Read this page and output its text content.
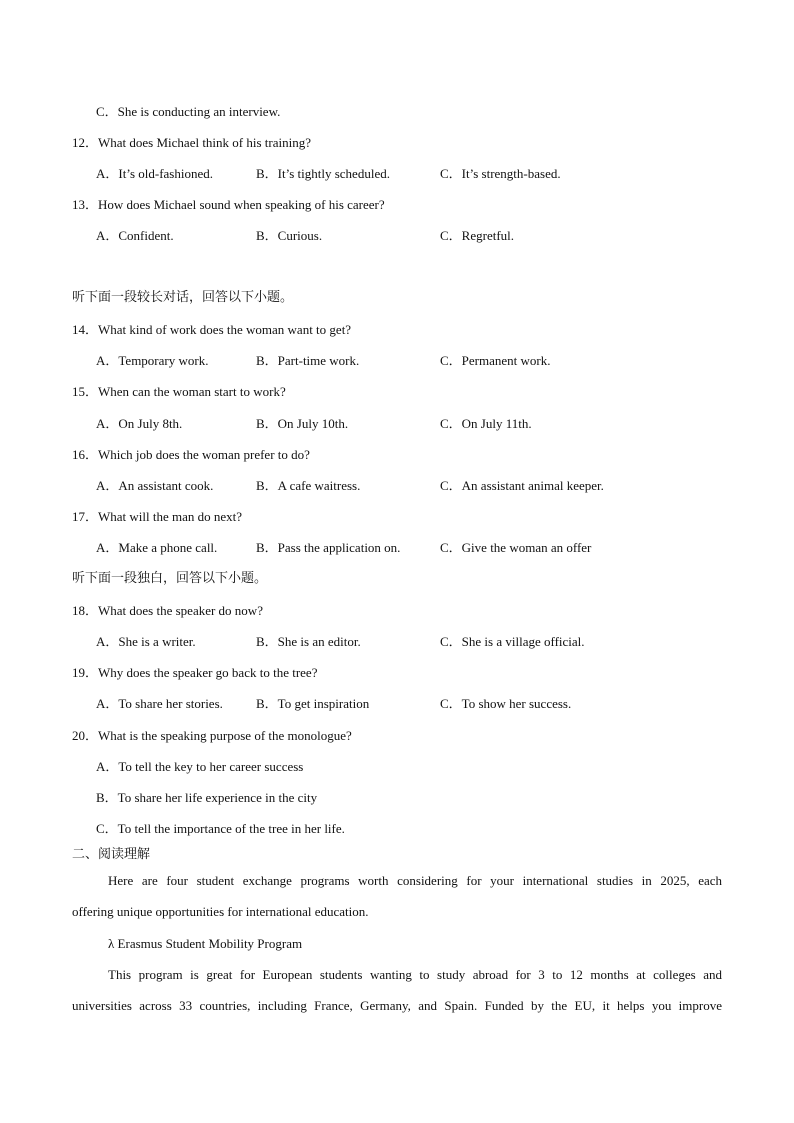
C．She is conducting an interview.
12．What does Michael think of his training?
A．It’s old-fashioned.	B．It’s tightly scheduled.	C．It’s strength-based.
13．How does Michael sound when speaking of his career?
A．Confident.	B．Curious.	C．Regretful.
听下面一段较长对话，回答以下小题。
14．What kind of work does the woman want to get?
A．Temporary work.	B．Part-time work.	C．Permanent work.
15．When can the woman start to work?
A．On July 8th.	B．On July 10th.	C．On July 11th.
16．Which job does the woman prefer to do?
A．An assistant cook.	B．A cafe waitress.	C．An assistant animal keeper.
17．What will the man do next?
A．Make a phone call.	B．Pass the application on.	C．Give the woman an offer
听下面一段独白，回答以下小题。
18．What does the speaker do now?
A．She is a writer.	B．She is an editor.	C．She is a village official.
19．Why does the speaker go back to the tree?
A．To share her stories.	B．To get inspiration	C．To show her success.
20．What is the speaking purpose of the monologue?
A．To tell the key to her career success
B．To share her life experience in the city
C．To tell the importance of the tree in her life.
二、阅读理解
Here are four student exchange programs worth considering for your international studies in 2025, each
offering unique opportunities for international education.
λ Erasmus Student Mobility Program
This program is great for European students wanting to study abroad for 3 to 12 months at colleges and
universities across 33 countries, including France, Germany, and Spain. Funded by the EU, it helps you improve
